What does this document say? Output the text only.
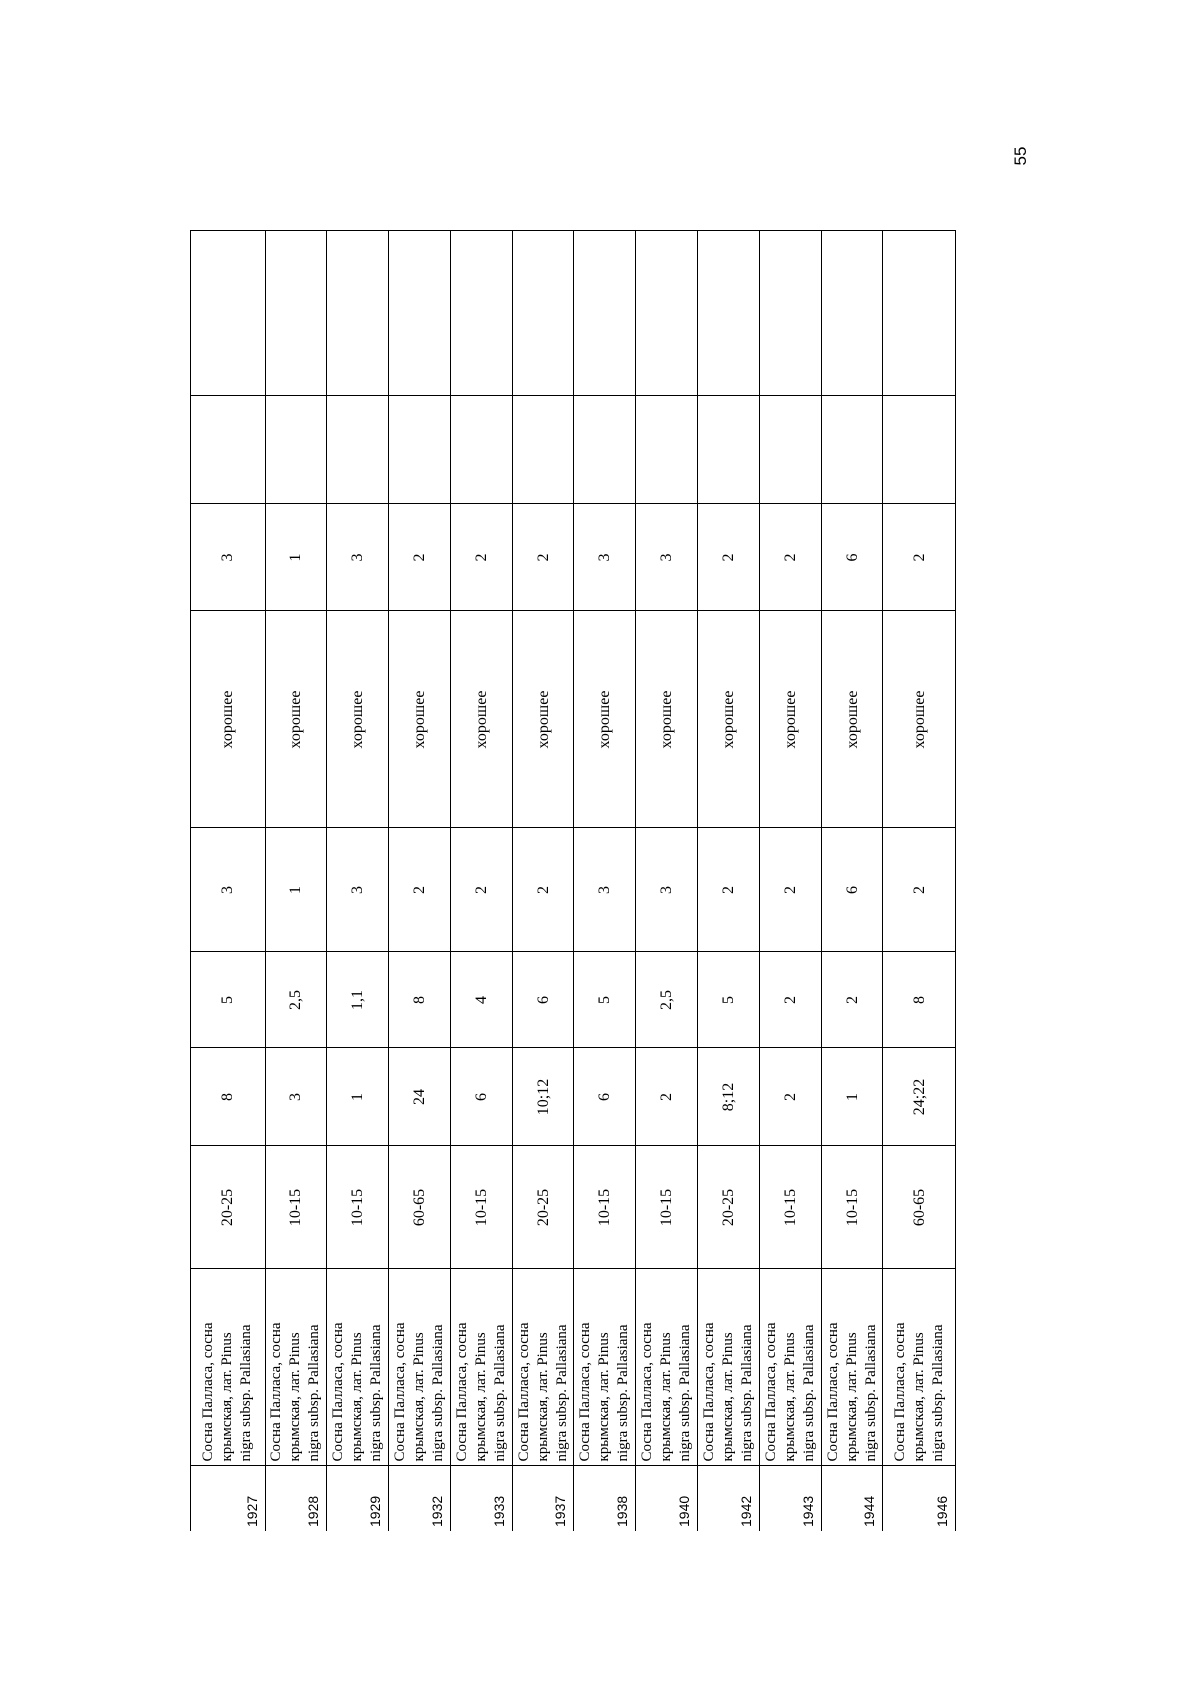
55
1927	Сосна Палласа, сосна крымская, лат. Pinus nigra subsp. Pallasiana	20-25	8	5	3	хорошее	3		
1928	Сосна Палласа, сосна крымская, лат. Pinus nigra subsp. Pallasiana	10-15	3	2,5	1	хорошее	1		
1929	Сосна Палласа, сосна крымская, лат. Pinus nigra subsp. Pallasiana	10-15	1	1,1	3	хорошее	3		
1932	Сосна Палласа, сосна крымская, лат. Pinus nigra subsp. Pallasiana	60-65	24	8	2	хорошее	2		
1933	Сосна Палласа, сосна крымская, лат. Pinus nigra subsp. Pallasiana	10-15	6	4	2	хорошее	2		
1937	Сосна Палласа, сосна крымская, лат. Pinus nigra subsp. Pallasiana	20-25	10;12	6	2	хорошее	2		
1938	Сосна Палласа, сосна крымская, лат. Pinus nigra subsp. Pallasiana	10-15	6	5	3	хорошее	3		
1940	Сосна Палласа, сосна крымская, лат. Pinus nigra subsp. Pallasiana	10-15	2	2,5	3	хорошее	3		
1942	Сосна Палласа, сосна крымская, лат. Pinus nigra subsp. Pallasiana	20-25	8;12	5	2	хорошее	2		
1943	Сосна Палласа, сосна крымская, лат. Pinus nigra subsp. Pallasiana	10-15	2	2	2	хорошее	2		
1944	Сосна Палласа, сосна крымская, лат. Pinus nigra subsp. Pallasiana	10-15	1	2	6	хорошее	6		
1946	Сосна Палласа, сосна крымская, лат. Pinus nigra subsp. Pallasiana	60-65	24;22	8	2	хорошее	2		
